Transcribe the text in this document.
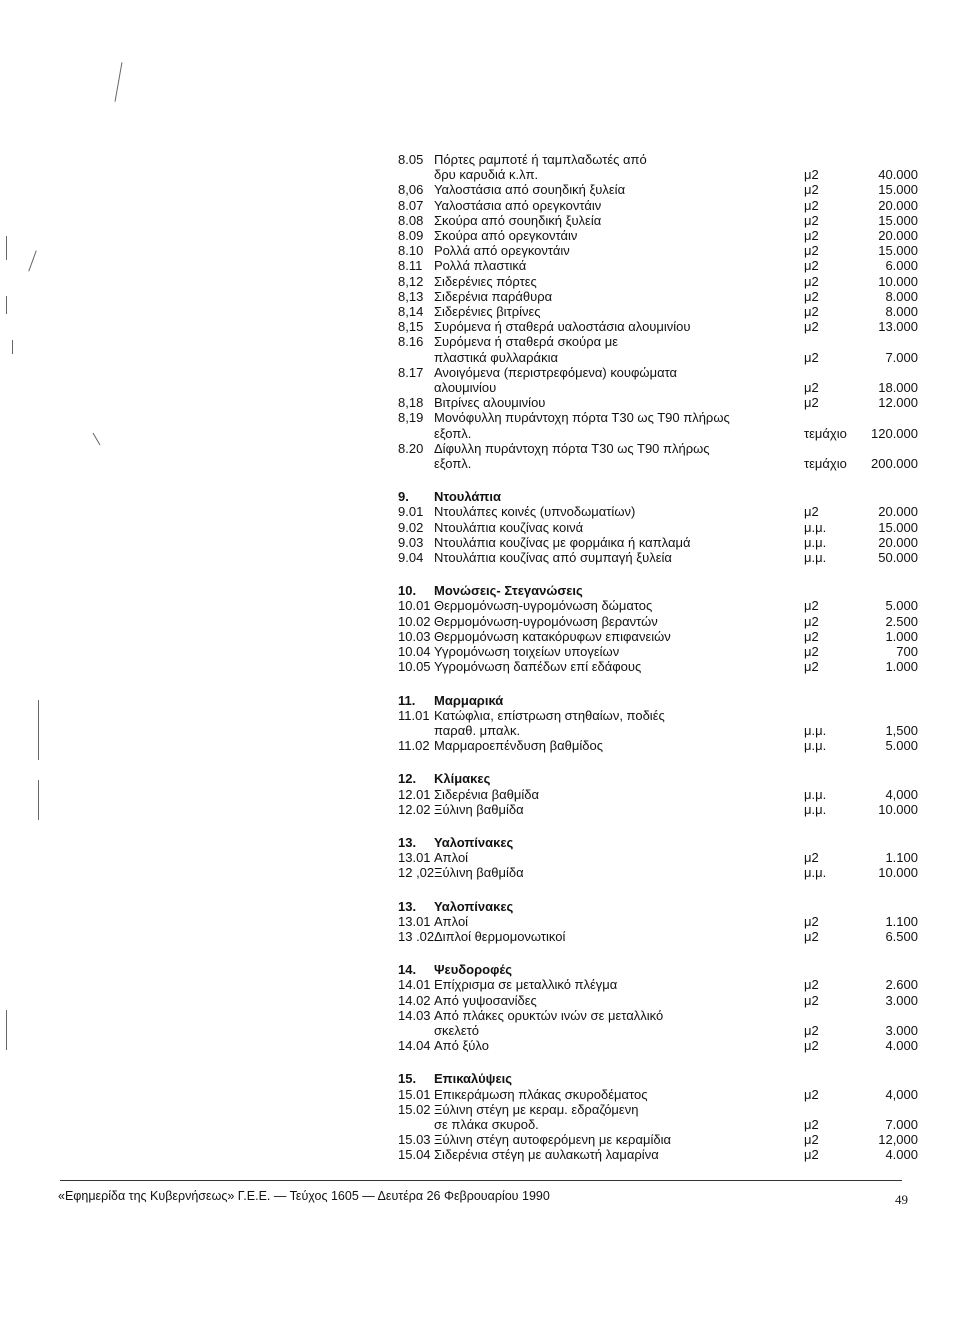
8.05 Πόρτες ραμποτέ ή ταμπλαδωτές από
δρυ καρυδιά κ.λπ.	μ2	40.000
8,06 Υαλοστάσια από σουηδική ξυλεία	μ2	15.000
8.07 Υαλοστάσια από ορεγκοντάιν	μ2	20.000
8.08 Σκούρα από σουηδική ξυλεία	μ2	15.000
8.09 Σκούρα από ορεγκοντάιν	μ2	20.000
8.10 Ρολλά από ορεγκοντάιν	μ2	15.000
8.11 Ρολλά πλαστικά	μ2	6.000
8,12 Σιδερένιες πόρτες	μ2	10.000
8,13 Σιδερένια παράθυρα	μ2	8.000
8,14 Σιδερένιες βιτρίνες	μ2	8.000
8,15 Συρόμενα ή σταθερά υαλοστάσια αλουμινίου	μ2	13.000
8.16 Συρόμενα ή σταθερά σκούρα με
πλαστικά φυλλαράκια	μ2	7.000
8.17 Ανοιγόμενα (περιστρεφόμενα) κουφώματα
αλουμινίου	μ2	18.000
8,18 Βιτρίνες αλουμινίου	μ2	12.000
8,19 Μονόφυλλη πυράντοχη πόρτα Τ30 ως Τ90 πλήρως
εξοπλ.	τεμάχιο	120.000
8.20 Δίφυλλη πυράντοχη πόρτα Τ30 ως Τ90 πλήρως
εξοπλ.	τεμάχιο	200.000
9.	Ντουλάπια
9.01 Ντουλάπες κοινές (υπνοδωματίων)	μ2	20.000
9.02 Ντουλάπια κουζίνας κοινά	μ.μ.	15.000
9.03 Ντουλάπια κουζίνας με φορμάικα ή καπλαμά	μ.μ.	20.000
9.04 Ντουλάπια κουζίνας από συμπαγή ξυλεία	μ.μ.	50.000
10.	Μονώσεις- Στεγανώσεις
10.01 Θερμομόνωση-υγρομόνωση δώματος	μ2	5.000
10.02 Θερμομόνωση-υγρομόνωση βεραντών	μ2	2.500
10.03 Θερμομόνωση κατακόρυφων επιφανειών	μ2	1.000
10.04 Υγρομόνωση τοιχείων υπογείων	μ2	700
10.05 Υγρομόνωση δαπέδων επί εδάφους	μ2	1.000
11.	Μαρμαρικά
11.01 Κατώφλια, επίστρωση στηθαίων, ποδιές
παραθ. μπαλκ.	μ.μ.	1,500
11.02 Μαρμαροεπένδυση βαθμίδος	μ.μ.	5.000
12.	Κλίμακες
12.01 Σιδερένια βαθμίδα	μ.μ.	4,000
12.02 Ξύλινη βαθμίδα	μ.μ.	10.000
13.	Υαλοπίνακες
13.01 Απλοί	μ2	1.100
12 ,02 Ξύλινη βαθμίδα	μ.μ.	10.000
13.	Υαλοπίνακες
13.01 Απλοί	μ2	1.100
13 .02 Διπλοί θερμομονωτικοί	μ2	6.500
14.	Ψευδοροφές
14.01 Επίχρισμα σε μεταλλικό πλέγμα	μ2	2.600
14.02 Από γυψοσανίδες	μ2	3.000
14.03 Από πλάκες ορυκτών ινών σε μεταλλικό
σκελετό	μ2	3.000
14.04 Από ξύλο	μ2	4.000
15.	Επικαλύψεις
15.01 Επικεράμωση πλάκας σκυροδέματος	μ2	4,000
15.02 Ξύλινη στέγη με κεραμ. εδραζόμενη
σε πλάκα σκυροδ.	μ2	7.000
15.03 Ξύλινη στέγη αυτοφερόμενη με κεραμίδια	μ2	12,000
15.04 Σιδερένια στέγη με αυλακωτή λαμαρίνα	μ2	4.000
«Εφημερίδα της Κυβερνήσεως» Γ.Ε.Ε. — Τεύχος 1605 — Δευτέρα 26 Φεβρουαρίου 1990	49
